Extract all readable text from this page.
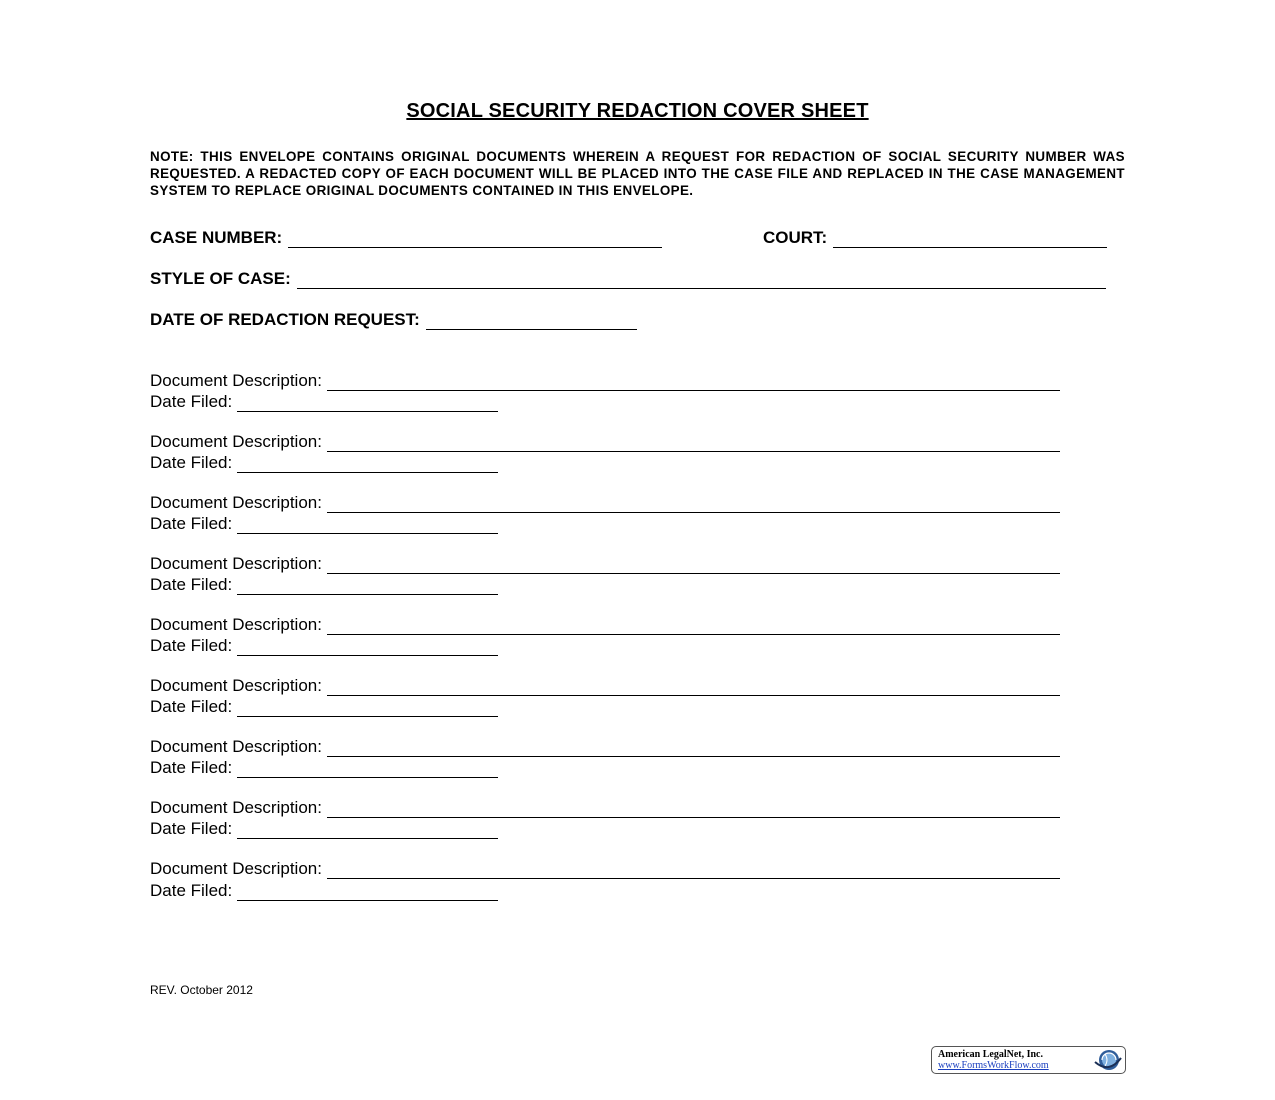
SOCIAL SECURITY REDACTION COVER SHEET
NOTE: THIS ENVELOPE CONTAINS ORIGINAL DOCUMENTS WHEREIN A REQUEST FOR REDACTION OF SOCIAL SECURITY NUMBER WAS REQUESTED. A REDACTED COPY OF EACH DOCUMENT WILL BE PLACED INTO THE CASE FILE AND REPLACED IN THE CASE MANAGEMENT SYSTEM TO REPLACE ORIGINAL DOCUMENTS CONTAINED IN THIS ENVELOPE.
CASE NUMBER:	COURT:
STYLE OF CASE:
DATE OF REDACTION REQUEST:
Document Description:
Date Filed:
Document Description:
Date Filed:
Document Description:
Date Filed:
Document Description:
Date Filed:
Document Description:
Date Filed:
Document Description:
Date Filed:
Document Description:
Date Filed:
Document Description:
Date Filed:
Document Description:
Date Filed:
REV. October 2012
American LegalNet, Inc.
www.FormsWorkFlow.com
